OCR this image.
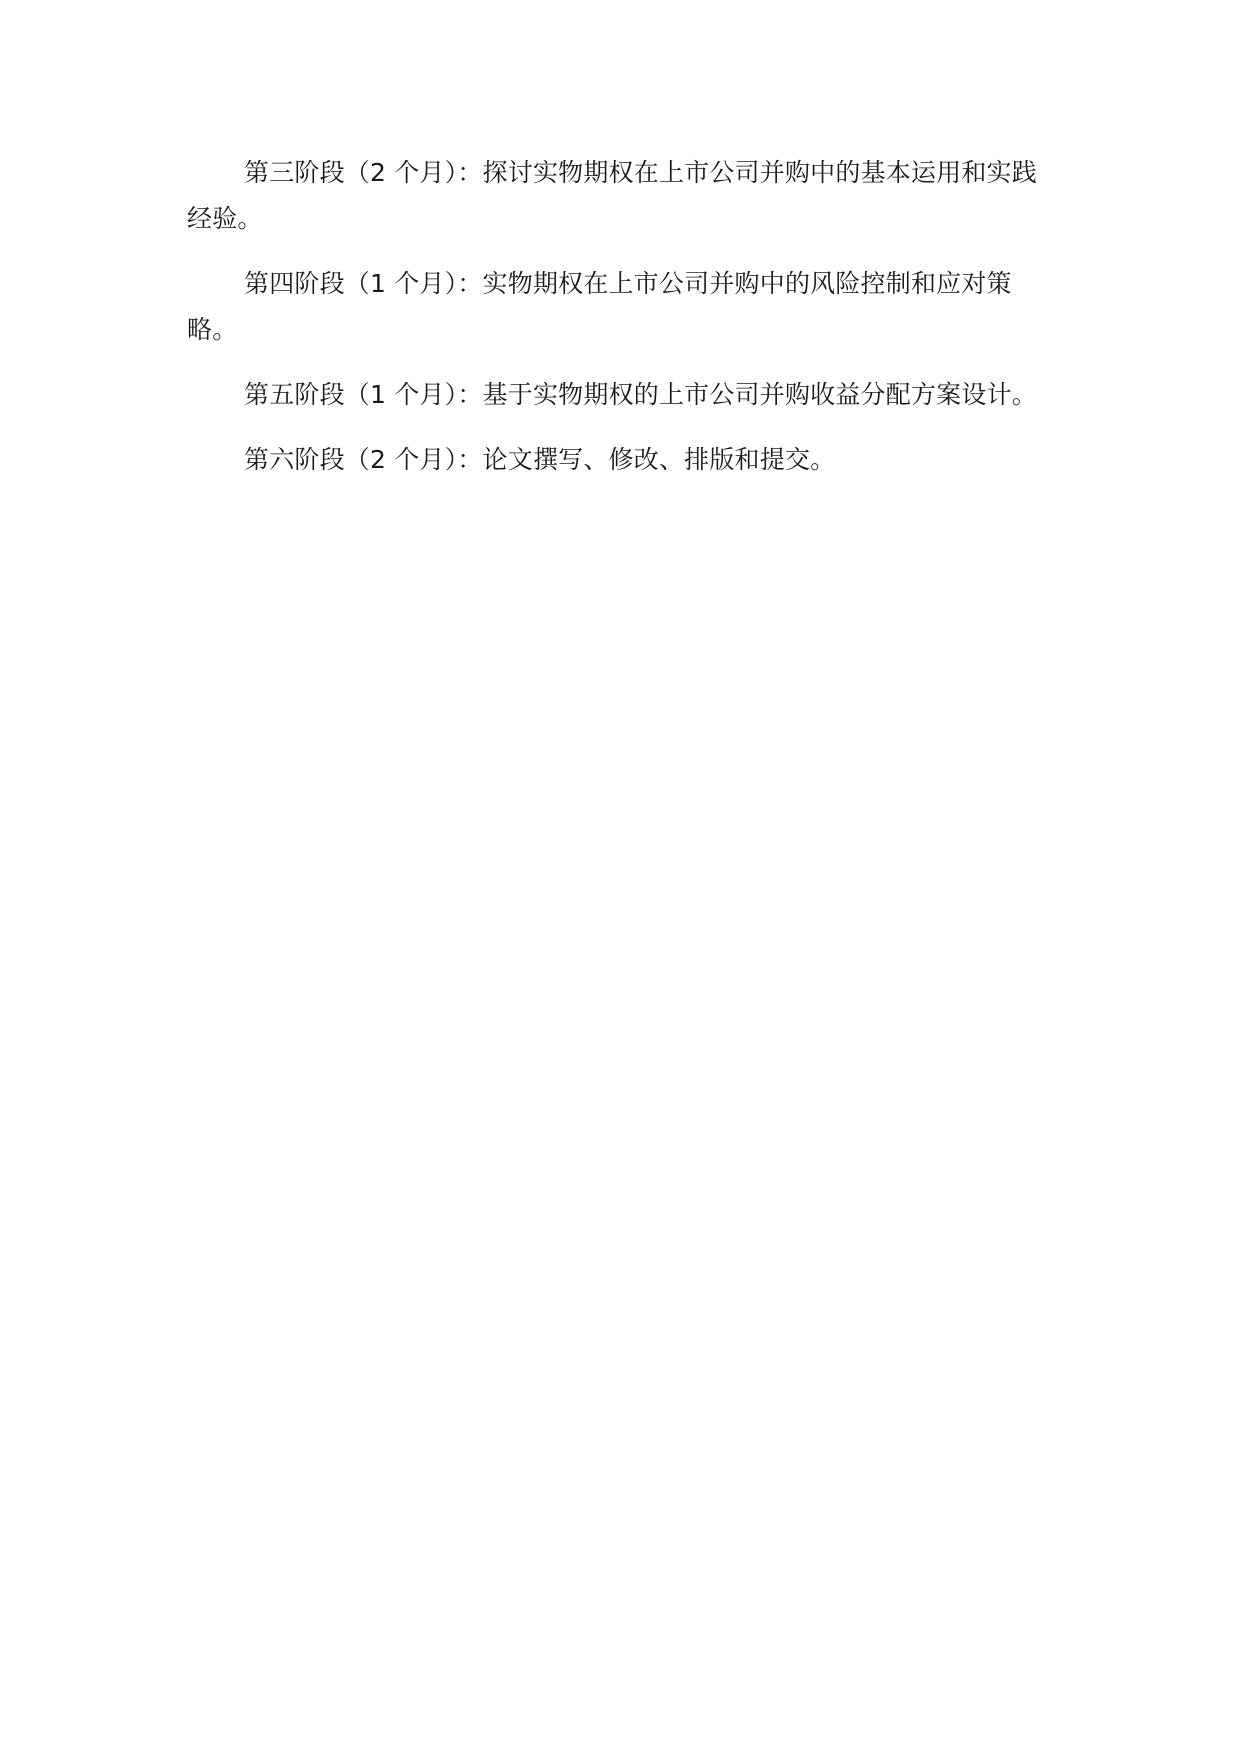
第三阶段（2 个月）：探讨实物期权在上市公司并购中的基本运用和实践经验。

第四阶段（1 个月）：实物期权在上市公司并购中的风险控制和应对策略。

第五阶段（1 个月）：基于实物期权的上市公司并购收益分配方案设计。

第六阶段（2 个月）：论文撰写、修改、排版和提交。
